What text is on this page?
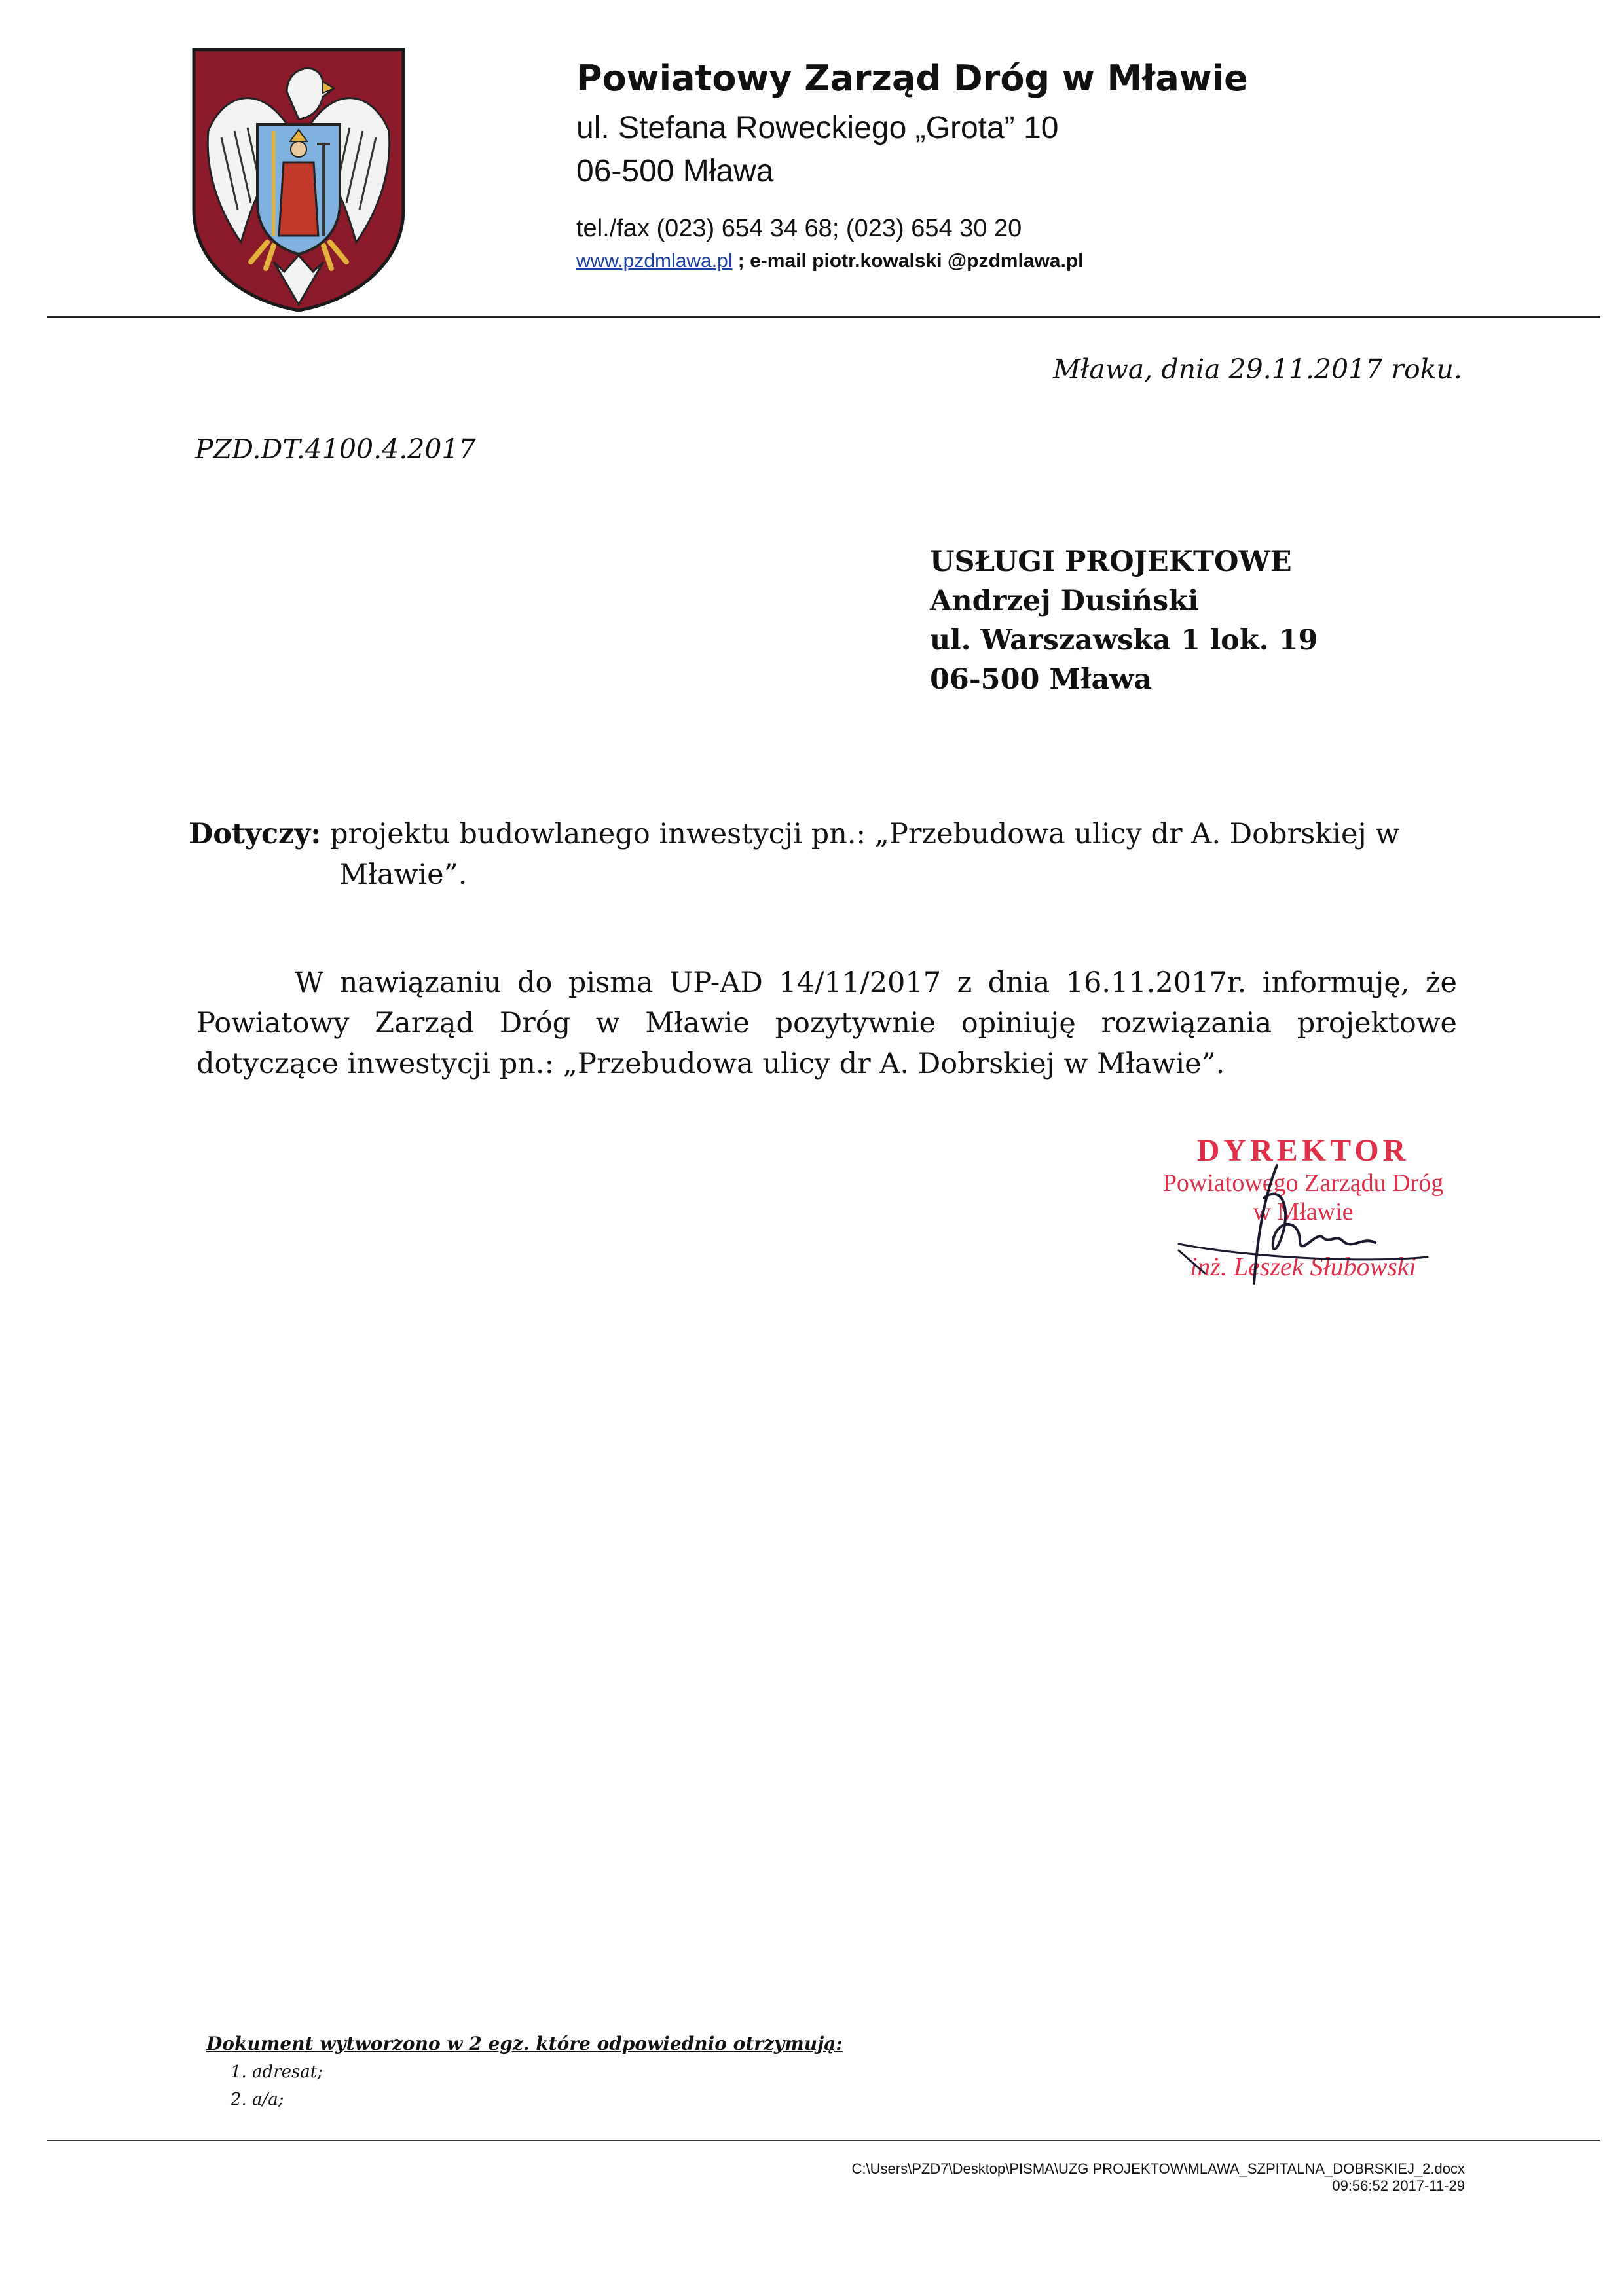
Powiatowy Zarząd Dróg w Mławie
ul. Stefana Roweckiego „Grota” 10
06-500 Mława
tel./fax (023) 654 34 68; (023) 654 30 20
www.pzdmlawa.pl ; e-mail piotr.kowalski @pzdmlawa.pl
Mława, dnia 29.11.2017 roku.
PZD.DT.4100.4.2017
USŁUGI PROJEKTOWE
Andrzej Dusiński
ul. Warszawska 1 lok. 19
06-500 Mława
Dotyczy: projektu budowlanego inwestycji pn.: „Przebudowa ulicy dr A. Dobrskiej w
Mławie”.

W nawiązaniu do pisma UP-AD 14/11/2017 z dnia 16.11.2017r. informuję, że Powiatowy Zarząd Dróg w Mławie pozytywnie opiniuję rozwiązania projektowe dotyczące inwestycji pn.: „Przebudowa ulicy dr A. Dobrskiej w Mławie”.

DYREKTOR
Powiatowego Zarządu Dróg
w Mławie
inż. Leszek Słubowski
Dokument wytworzono w 2 egz. które odpowiednio otrzymują:
1. adresat;
2. a/a;
C:\Users\PZD7\Desktop\PISMA\UZG PROJEKTOW\MLAWA_SZPITALNA_DOBRSKIEJ_2.docx
09:56:52 2017-11-29
